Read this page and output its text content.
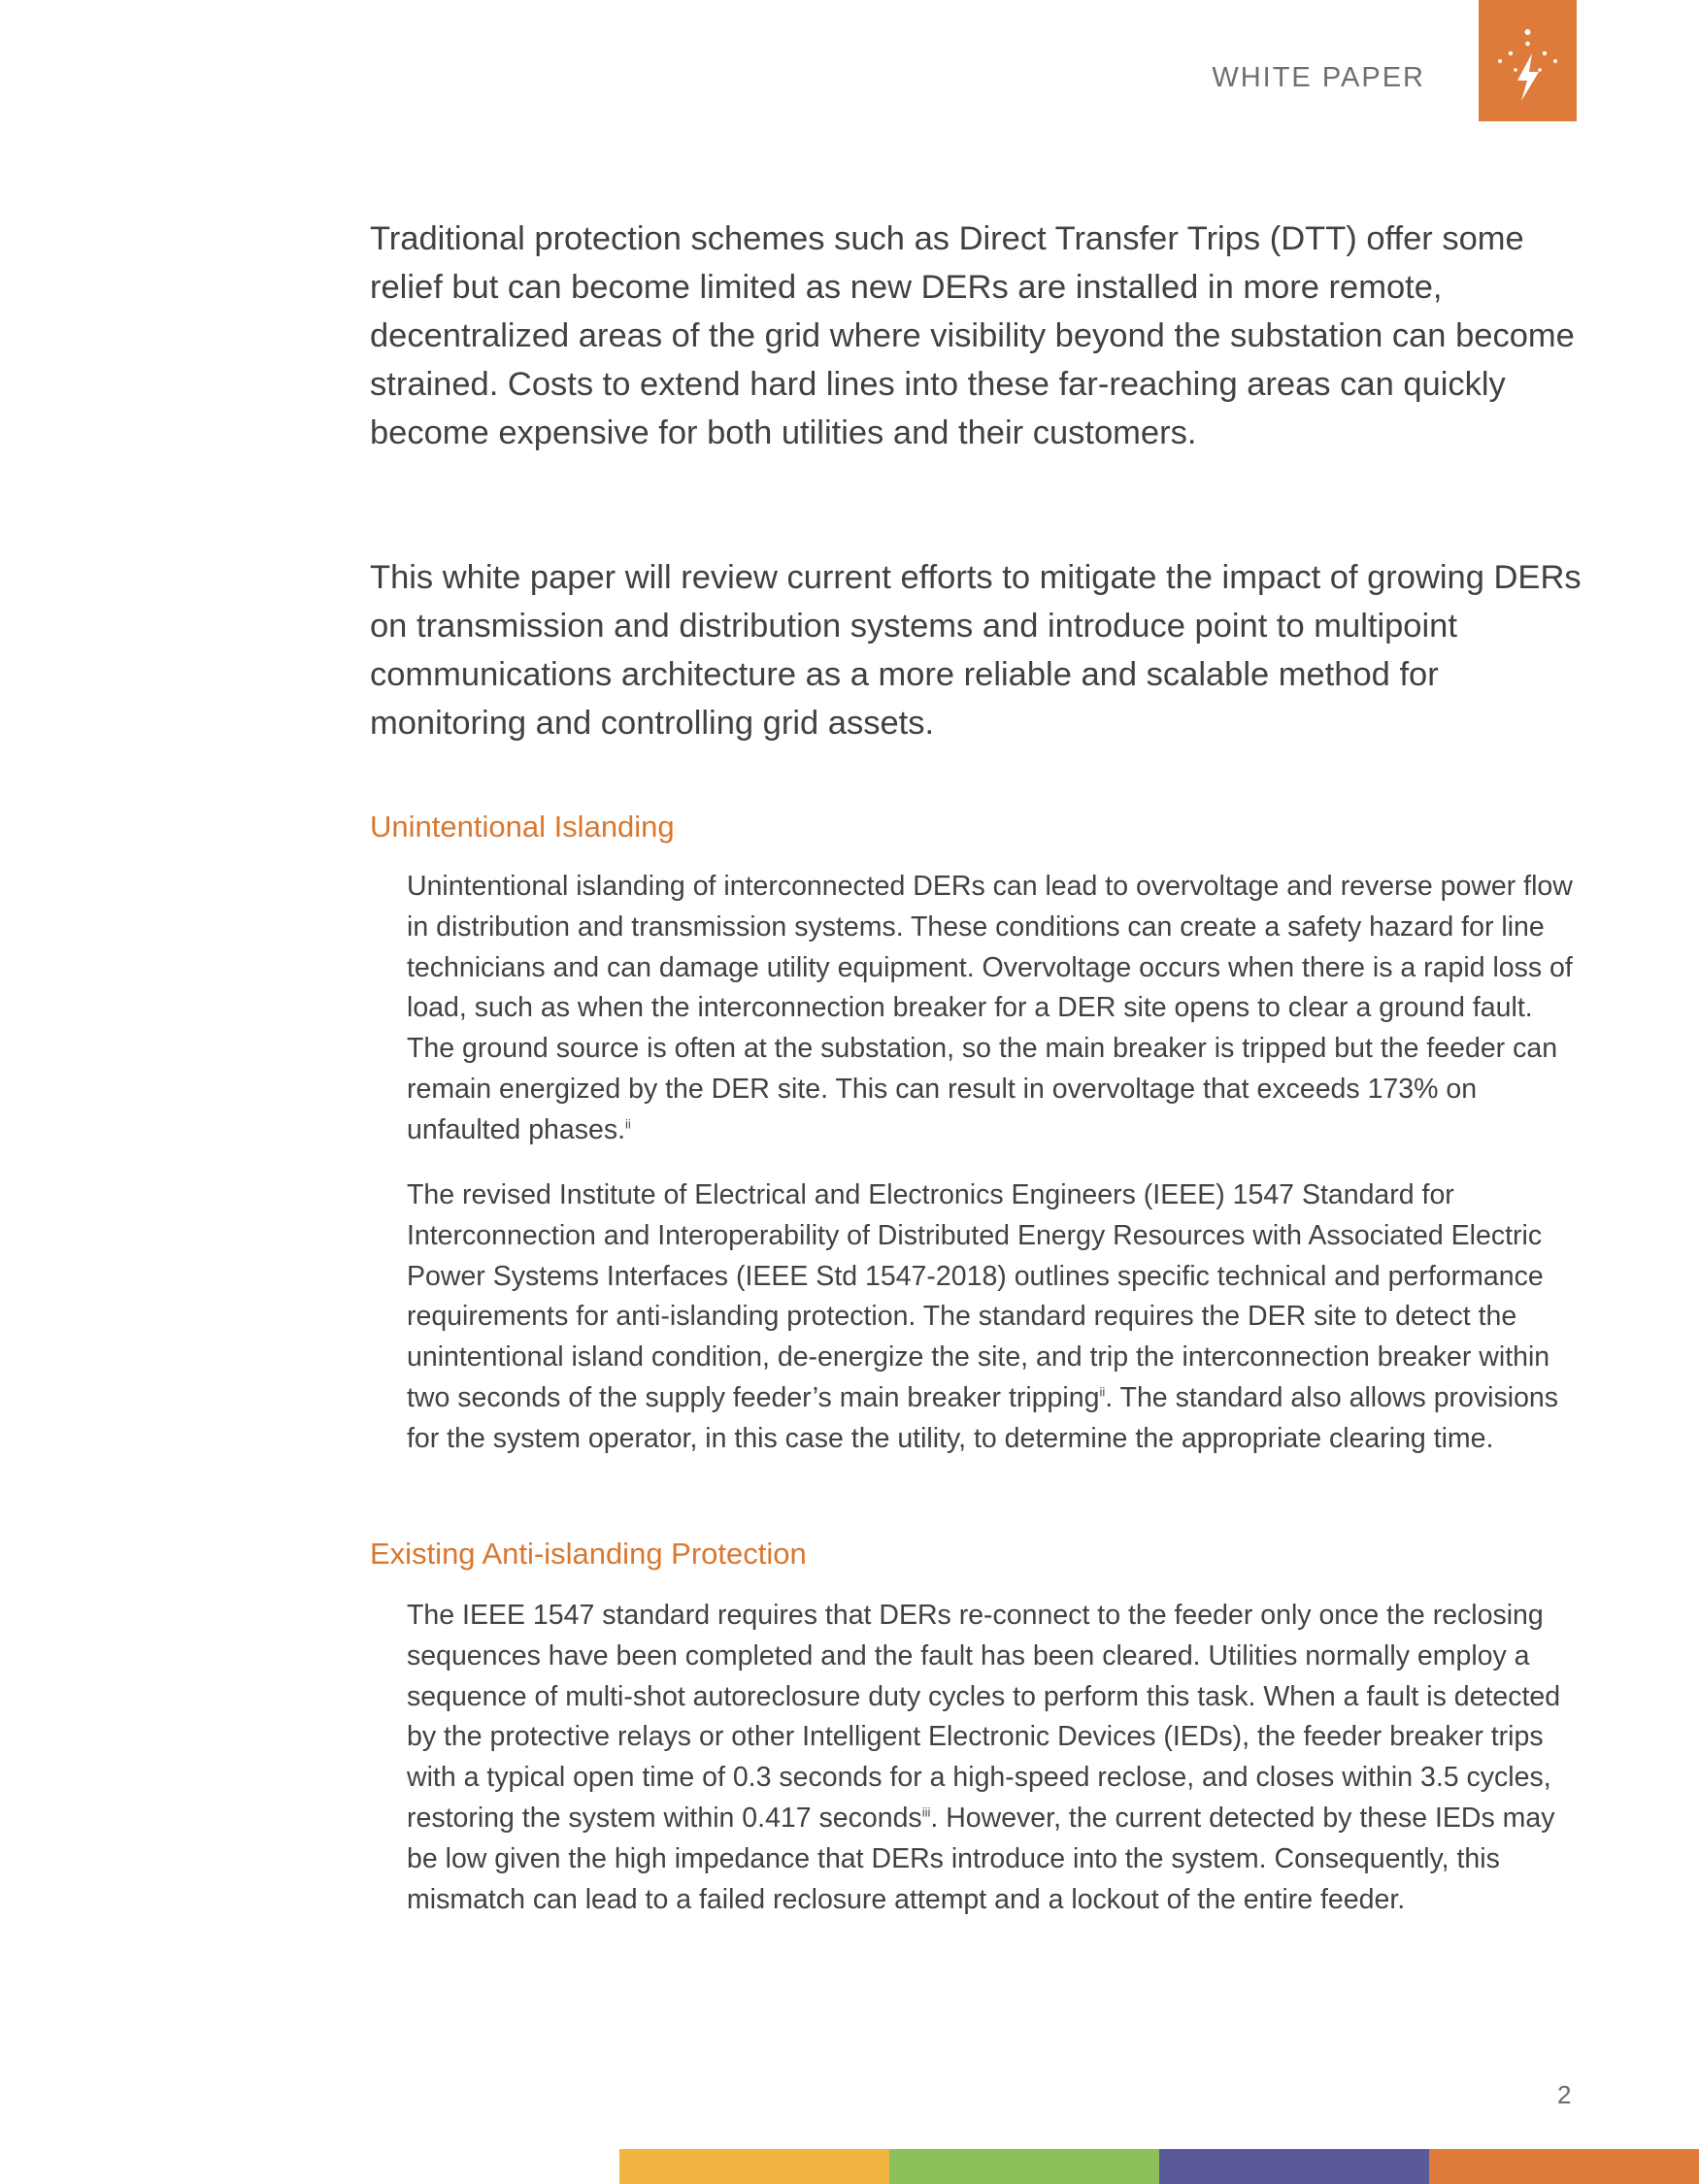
WHITE PAPER

Traditional protection schemes such as Direct Transfer Trips (DTT) offer some relief but can become limited as new DERs are installed in more remote, decentralized areas of the grid where visibility beyond the substation can become strained. Costs to extend hard lines into these far-reaching areas can quickly become expensive for both utilities and their customers.

This white paper will review current efforts to mitigate the impact of growing DERs on transmission and distribution systems and introduce point to multipoint communications architecture as a more reliable and scalable method for monitoring and controlling grid assets.

Unintentional Islanding

Unintentional islanding of interconnected DERs can lead to overvoltage and reverse power flow in distribution and transmission systems. These conditions can create a safety hazard for line technicians and can damage utility equipment. Overvoltage occurs when there is a rapid loss of load, such as when the interconnection breaker for a DER site opens to clear a ground fault. The ground source is often at the substation, so the main breaker is tripped but the feeder can remain energized by the DER site. This can result in overvoltage that exceeds 173% on unfaulted phases.$^{ii}$

The revised Institute of Electrical and Electronics Engineers (IEEE) 1547 Standard for Interconnection and Interoperability of Distributed Energy Resources with Associated Electric Power Systems Interfaces (IEEE Std 1547-2018) outlines specific technical and performance requirements for anti-islanding protection. The standard requires the DER site to detect the unintentional island condition, de-energize the site, and trip the interconnection breaker within two seconds of the supply feeder’s main breaker tripping$^{ii}$. The standard also allows provisions for the system operator, in this case the utility, to determine the appropriate clearing time.

Existing Anti-islanding Protection

The IEEE 1547 standard requires that DERs re-connect to the feeder only once the reclosing sequences have been completed and the fault has been cleared. Utilities normally employ a sequence of multi-shot autoreclosure duty cycles to perform this task. When a fault is detected by the protective relays or other Intelligent Electronic Devices (IEDs), the feeder breaker trips with a typical open time of 0.3 seconds for a high-speed reclose, and closes within 3.5 cycles, restoring the system within 0.417 seconds$^{iii}$. However, the current detected by these IEDs may be low given the high impedance that DERs introduce into the system. Consequently, this mismatch can lead to a failed reclosure attempt and a lockout of the entire feeder.

2
